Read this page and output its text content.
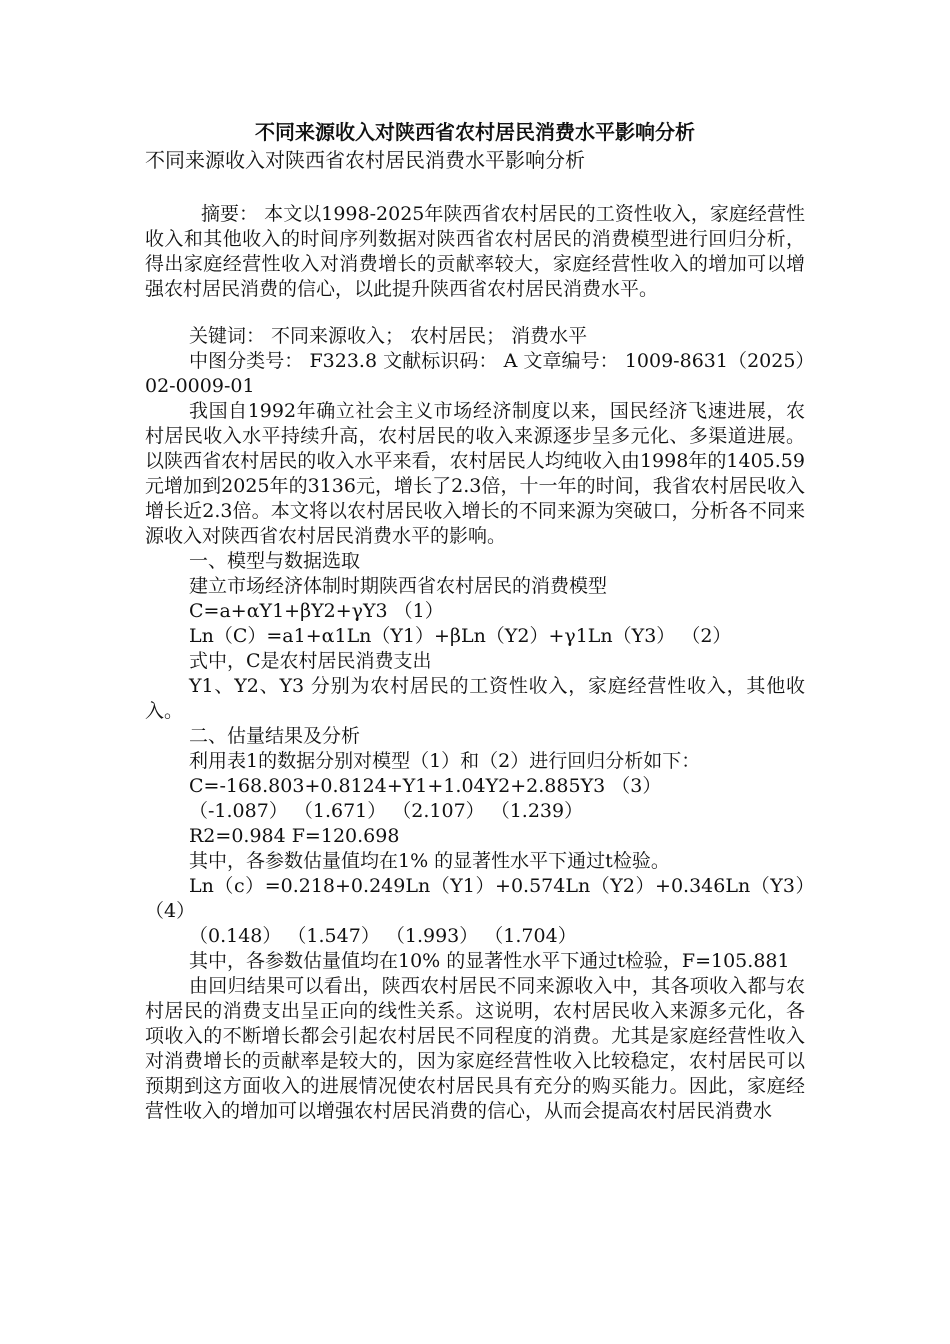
不同来源收入对陕西省农村居民消费水平影响分析

不同来源收入对陕西省农村居民消费水平影响分析

摘要： 本文以1998-2025年陕西省农村居民的工资性收入，家庭经营性收入和其他收入的时间序列数据对陕西省农村居民的消费模型进行回归分析，得出家庭经营性收入对消费增长的贡献率较大，家庭经营性收入的增加可以增强农村居民消费的信心，以此提升陕西省农村居民消费水平。

关键词： 不同来源收入； 农村居民； 消费水平

中图分类号： F323.8 文献标识码： A 文章编号： 1009-8631（2025）02-0009-01

我国自1992年确立社会主义市场经济制度以来，国民经济飞速进展，农村居民收入水平持续升高，农村居民的收入来源逐步呈多元化、多渠道进展。以陕西省农村居民的收入水平来看，农村居民人均纯收入由1998年的1405.59元增加到2025年的3136元，增长了2.3倍，十一年的时间，我省农村居民收入增长近2.3倍。本文将以农村居民收入增长的不同来源为突破口，分析各不同来源收入对陕西省农村居民消费水平的影响。

一、模型与数据选取

建立市场经济体制时期陕西省农村居民的消费模型

C=a+αY1+βY2+γY3 （1）

Ln（C）=a1+α1Ln（Y1）+βLn（Y2）+γ1Ln（Y3） （2）

式中，C是农村居民消费支出

Y1、Y2、Y3 分别为农村居民的工资性收入，家庭经营性收入，其他收入。

二、估量结果及分析

利用表1的数据分别对模型（1）和（2）进行回归分析如下：

C=-168.803+0.8124+Y1+1.04Y2+2.885Y3 （3）

（-1.087） （1.671） （2.107） （1.239）

R2=0.984 F=120.698

其中，各参数估量值均在1% 的显著性水平下通过t检验。

Ln（c）=0.218+0.249Ln（Y1）+0.574Ln（Y2）+0.346Ln（Y3）（4）

（0.148） （1.547） （1.993） （1.704）

其中，各参数估量值均在10% 的显著性水平下通过t检验，F=105.881

由回归结果可以看出，陕西农村居民不同来源收入中，其各项收入都与农村居民的消费支出呈正向的线性关系。这说明，农村居民收入来源多元化，各项收入的不断增长都会引起农村居民不同程度的消费。尤其是家庭经营性收入对消费增长的贡献率是较大的，因为家庭经营性收入比较稳定，农村居民可以预期到这方面收入的进展情况使农村居民具有充分的购买能力。因此，家庭经营性收入的增加可以增强农村居民消费的信心，从而会提高农村居民消费水
